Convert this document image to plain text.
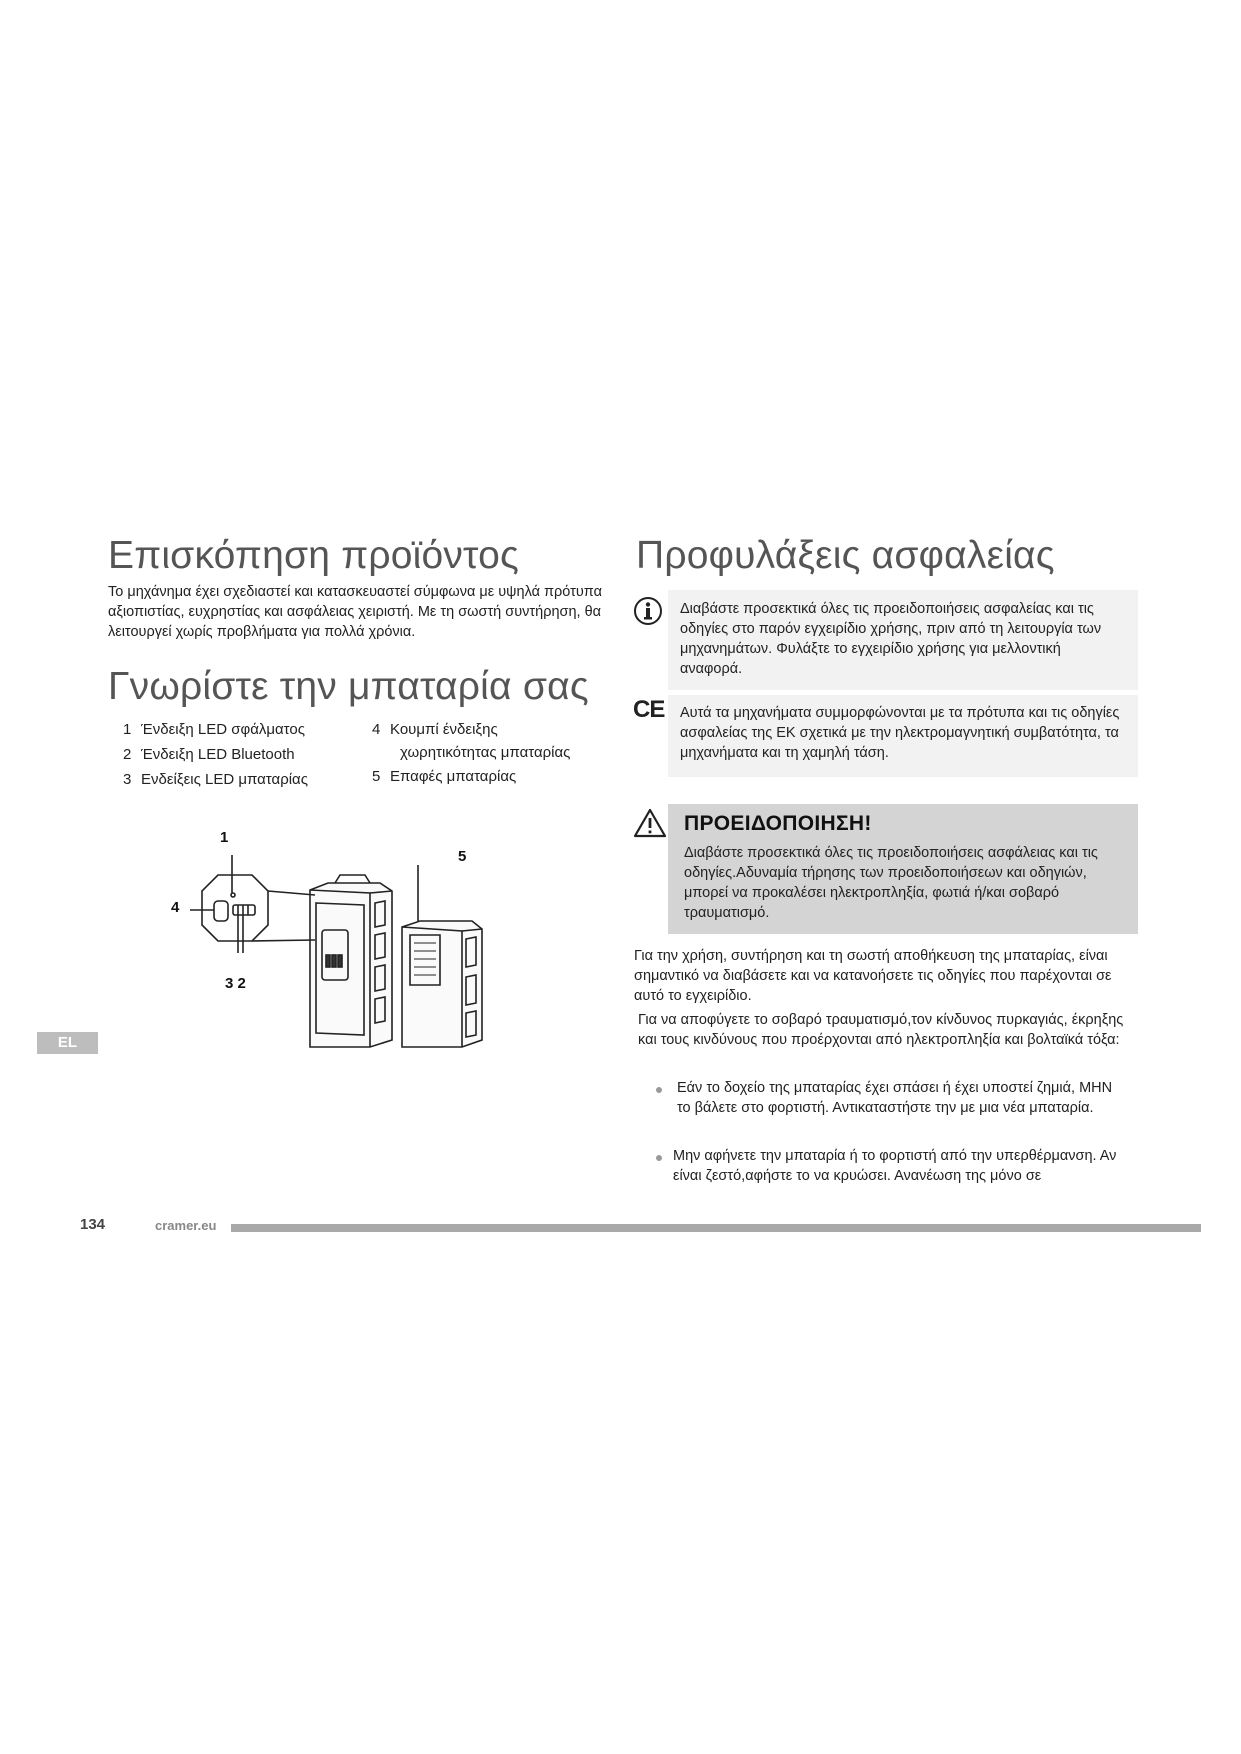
Επισκόπηση προϊόντος
Το μηχάνημα έχει σχεδιαστεί και κατασκευαστεί σύμφωνα με υψηλά πρότυπα αξιοπιστίας, ευχρηστίας και ασφάλειας χειριστή. Με τη σωστή συντήρηση, θα λειτουργεί χωρίς προβλήματα για πολλά χρόνια.
Γνωρίστε την μπαταρία σας
1 Ένδειξη LED σφάλματος
2 Ένδειξη LED Bluetooth
3 Ενδείξεις LED μπαταρίας
4 Κουμπί ένδειξης
χωρητικότητας μπαταρίας
5 Επαφές μπαταρίας
1
4
3 2
5
Προφυλάξεις ασφαλείας
Διαβάστε προσεκτικά όλες τις προειδοποιήσεις ασφαλείας και τις οδηγίες στο παρόν εγχειρίδιο χρήσης, πριν από τη λειτουργία των μηχανημάτων. Φυλάξτε το εγχειρίδιο χρήσης για μελλοντική αναφορά.
CE Αυτά τα μηχανήματα συμμορφώνονται με τα πρότυπα και τις οδηγίες ασφαλείας της ΕΚ σχετικά με την ηλεκτρομαγνητική συμβατότητα, τα μηχανήματα και τη χαμηλή τάση.
ΠΡΟΕΙΔΟΠΟΙΗΣΗ!
Διαβάστε προσεκτικά όλες τις προειδοποιήσεις ασφάλειας και τις οδηγίες.Αδυναμία τήρησης των προειδοποιήσεων και οδηγιών, μπορεί να προκαλέσει ηλεκτροπληξία, φωτιά ή/και σοβαρό τραυματισμό.
Για την χρήση, συντήρηση και τη σωστή αποθήκευση της μπαταρίας, είναι σημαντικό να διαβάσετε και να κατανοήσετε τις οδηγίες που παρέχονται σε αυτό το εγχειρίδιο.
Για να αποφύγετε το σοβαρό τραυματισμό,τον κίνδυνος πυρκαγιάς, έκρηξης και τους κινδύνους που προέρχονται από ηλεκτροπληξία και βολταϊκά τόξα:
Εάν το δοχείο της μπαταρίας έχει σπάσει ή έχει υποστεί ζημιά, ΜΗΝ το βάλετε στο φορτιστή. Αντικαταστήστε την με μια νέα μπαταρία.
Μην αφήνετε την μπαταρία ή το φορτιστή από την υπερθέρμανση. Αν είναι ζεστό,αφήστε το να κρυώσει. Ανανέωση της μόνο σε
EL
134	cramer.eu
